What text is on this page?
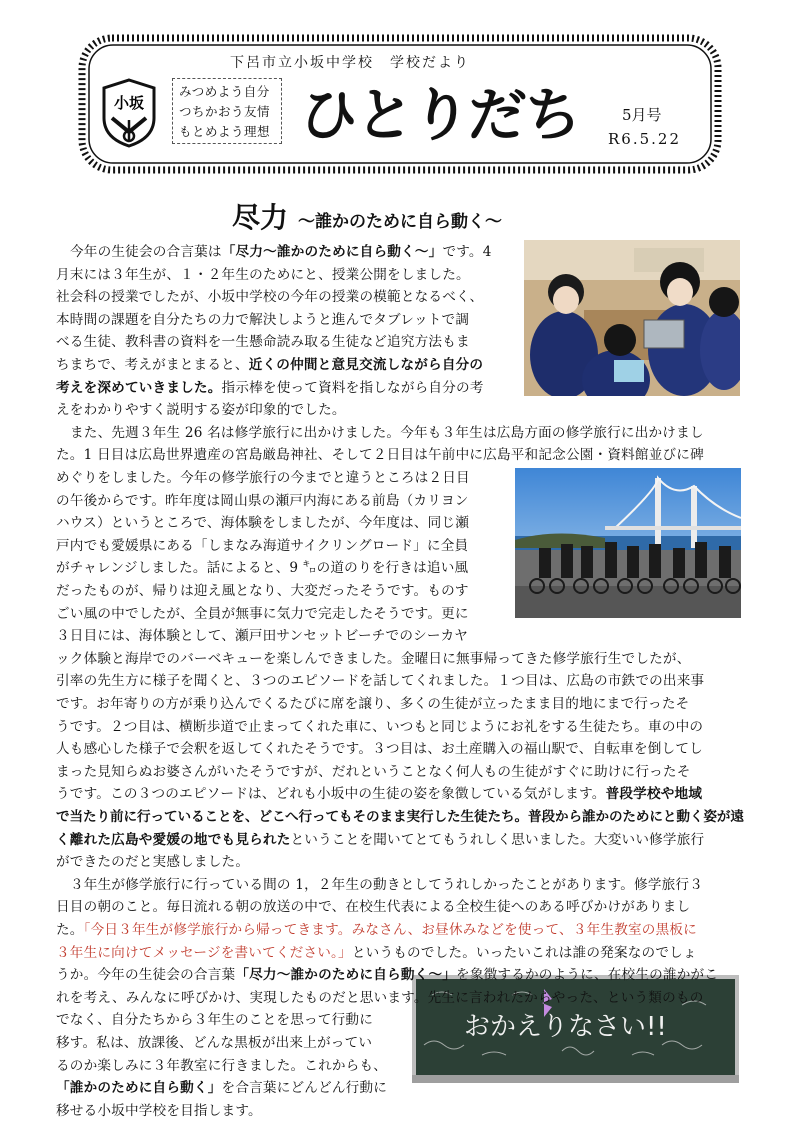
下呂市立小坂中学校　学校だより
小坂
みつめよう自分
つちかおう友情
もとめよう理想 ひとりだち	5月号
R6.5.22
尽力 ～誰かのために自ら動く～
おかえりなさい!!
今年の生徒会の合言葉は「尽力～誰かのために自ら動く～」です。4
月末には３年生が、１・２年生のためにと、授業公開をしました。
社会科の授業でしたが、小坂中学校の今年の授業の模範となるべく、
本時間の課題を自分たちの力で解決しようと進んでタブレットで調
べる生徒、教科書の資料を一生懸命読み取る生徒など追究方法もま
ちまちで、考えがまとまると、近くの仲間と意見交流しながら自分の
考えを深めていきました。指示棒を使って資料を指しながら自分の考
えをわかりやすく説明する姿が印象的でした。
また、先週３年生 26 名は修学旅行に出かけました。今年も３年生は広島方面の修学旅行に出かけまし
た。1 日目は広島世界遺産の宮島厳島神社、そして２日目は午前中に広島平和記念公園・資料館並びに碑
めぐりをしました。今年の修学旅行の今までと違うところは２日目
の午後からです。昨年度は岡山県の瀬戸内海にある前島（カリヨン
ハウス）というところで、海体験をしましたが、今年度は、同じ瀬
戸内でも愛媛県にある「しまなみ海道サイクリングロード」に全員
がチャレンジしました。話によると、9 ㌔の道のりを行きは追い風
だったものが、帰りは迎え風となり、大変だったそうです。ものす
ごい風の中でしたが、全員が無事に気力で完走したそうです。更に
３日目には、海体験として、瀬戸田サンセットビーチでのシーカヤ
ック体験と海岸でのバーベキューを楽しんできました。金曜日に無事帰ってきた修学旅行生でしたが、
引率の先生方に様子を聞くと、３つのエピソードを話してくれました。１つ目は、広島の市鉄での出来事
です。お年寄りの方が乗り込んでくるたびに席を譲り、多くの生徒が立ったまま目的地にまで行ったそ
うです。２つ目は、横断歩道で止まってくれた車に、いつもと同じようにお礼をする生徒たち。車の中の
人も感心した様子で会釈を返してくれたそうです。３つ目は、お土産購入の福山駅で、自転車を倒してし
まった見知らぬお婆さんがいたそうですが、だれということなく何人もの生徒がすぐに助けに行ったそ
うです。この３つのエピソードは、どれも小坂中の生徒の姿を象徴している気がします。普段学校や地域
で当たり前に行っていることを、どこへ行ってもそのまま実行した生徒たち。普段から誰かのためにと動く姿が遠
く離れた広島や愛媛の地でも見られたということを聞いてとてもうれしく思いました。大変いい修学旅行
ができたのだと実感しました。
３年生が修学旅行に行っている間の 1，２年生の動きとしてうれしかったことがあります。修学旅行３
日目の朝のこと。毎日流れる朝の放送の中で、在校生代表による全校生徒へのある呼びかけがありまし
た。「今日３年生が修学旅行から帰ってきます。みなさん、お昼休みなどを使って、３年生教室の黒板に
３年生に向けてメッセージを書いてください。」というものでした。いったいこれは誰の発案なのでしょ
うか。今年の生徒会の合言葉「尽力～誰かのために自ら動く～」を象徴するかのように、在校生の誰かがこ
れを考え、みんなに呼びかけ、実現したものだと思います。先生に言われたからやった、という類のもの
でなく、自分たちから３年生のことを思って行動に
移す。私は、放課後、どんな黒板が出来上がってい
るのか楽しみに３年教室に行きました。これからも、
「誰かのために自ら動く」を合言葉にどんどん行動に
移せる小坂中学校を目指します。
